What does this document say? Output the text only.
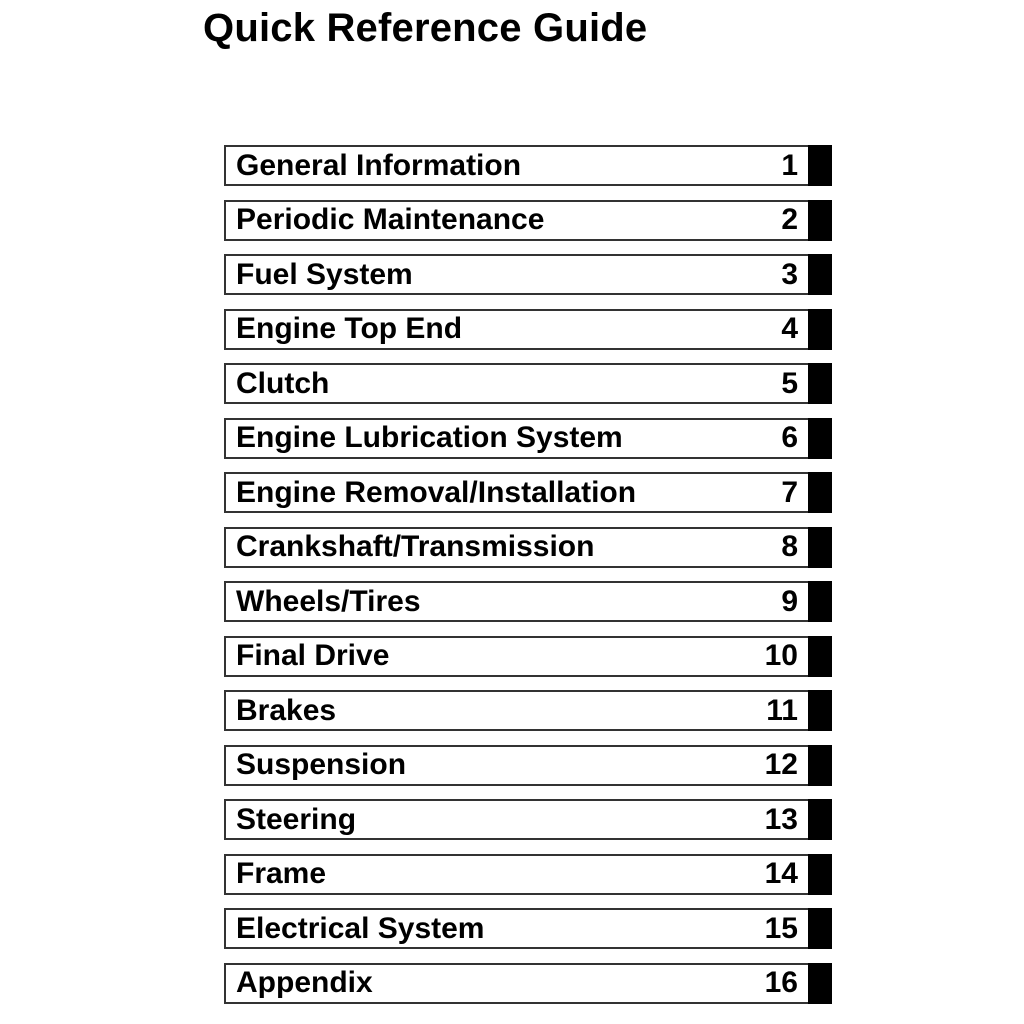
Quick Reference Guide
General Information	1
Periodic Maintenance	2
Fuel System	3
Engine Top End	4
Clutch	5
Engine Lubrication System	6
Engine Removal/Installation	7
Crankshaft/Transmission	8
Wheels/Tires	9
Final Drive	10
Brakes	11
Suspension	12
Steering	13
Frame	14
Electrical System	15
Appendix	16
